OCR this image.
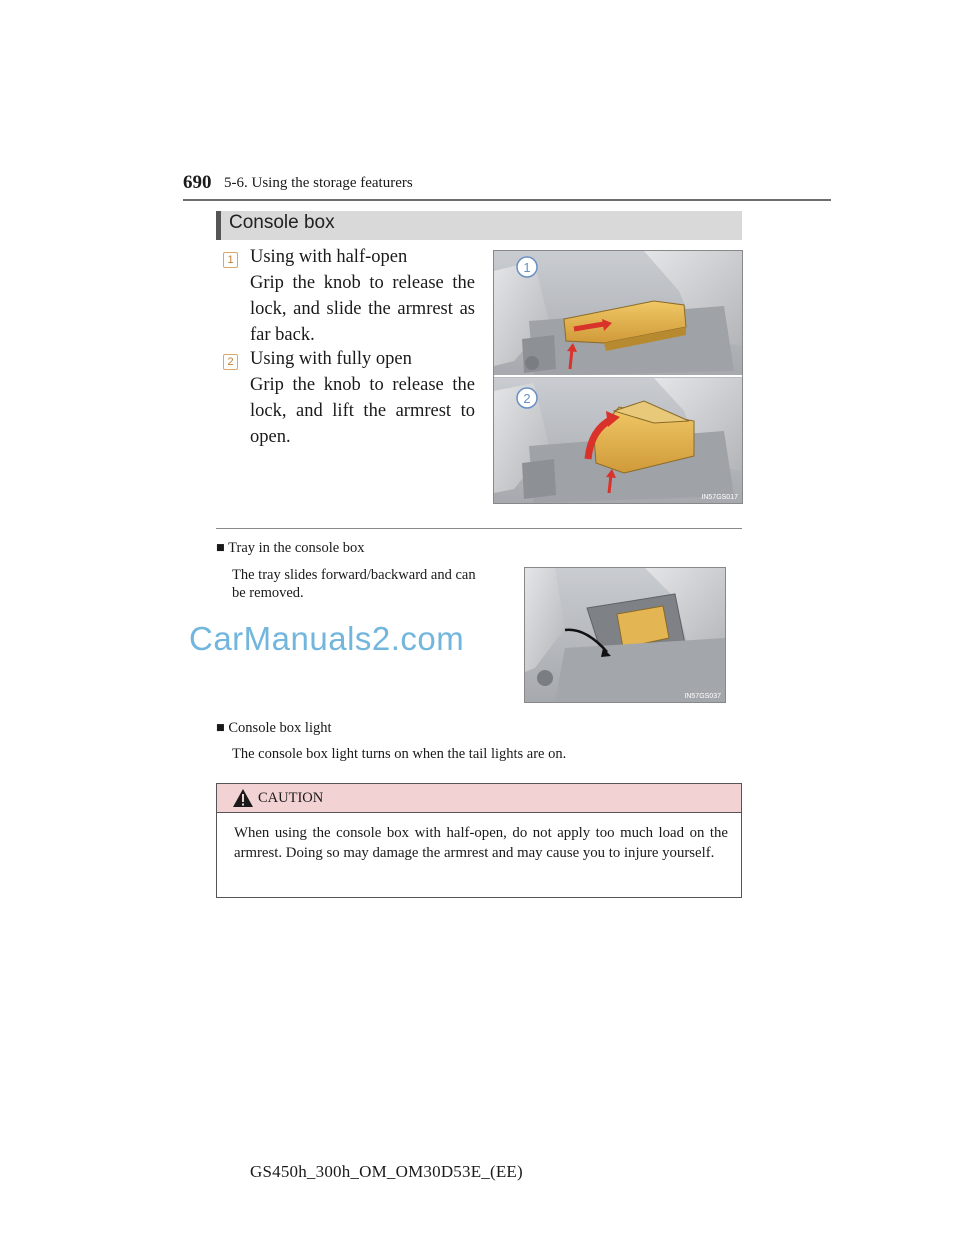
690 5-6. Using the storage featurers
Console box
1 Using with half-open
Grip the knob to release the
lock, and slide the armrest as
far back.
2 Using with fully open
Grip the knob to release the
lock, and lift the armrest to
open.
1
2
IN57GS017
■ Tray in the console box
The tray slides forward/backward and can
be removed.
IN57GS037
CarManuals2.com
■ Console box light
The console box light turns on when the tail lights are on.
CAUTION
When using the console box with half-open, do not apply too much load on the armrest. Doing so may damage the armrest and may cause you to injure yourself.
GS450h_300h_OM_OM30D53E_(EE)
